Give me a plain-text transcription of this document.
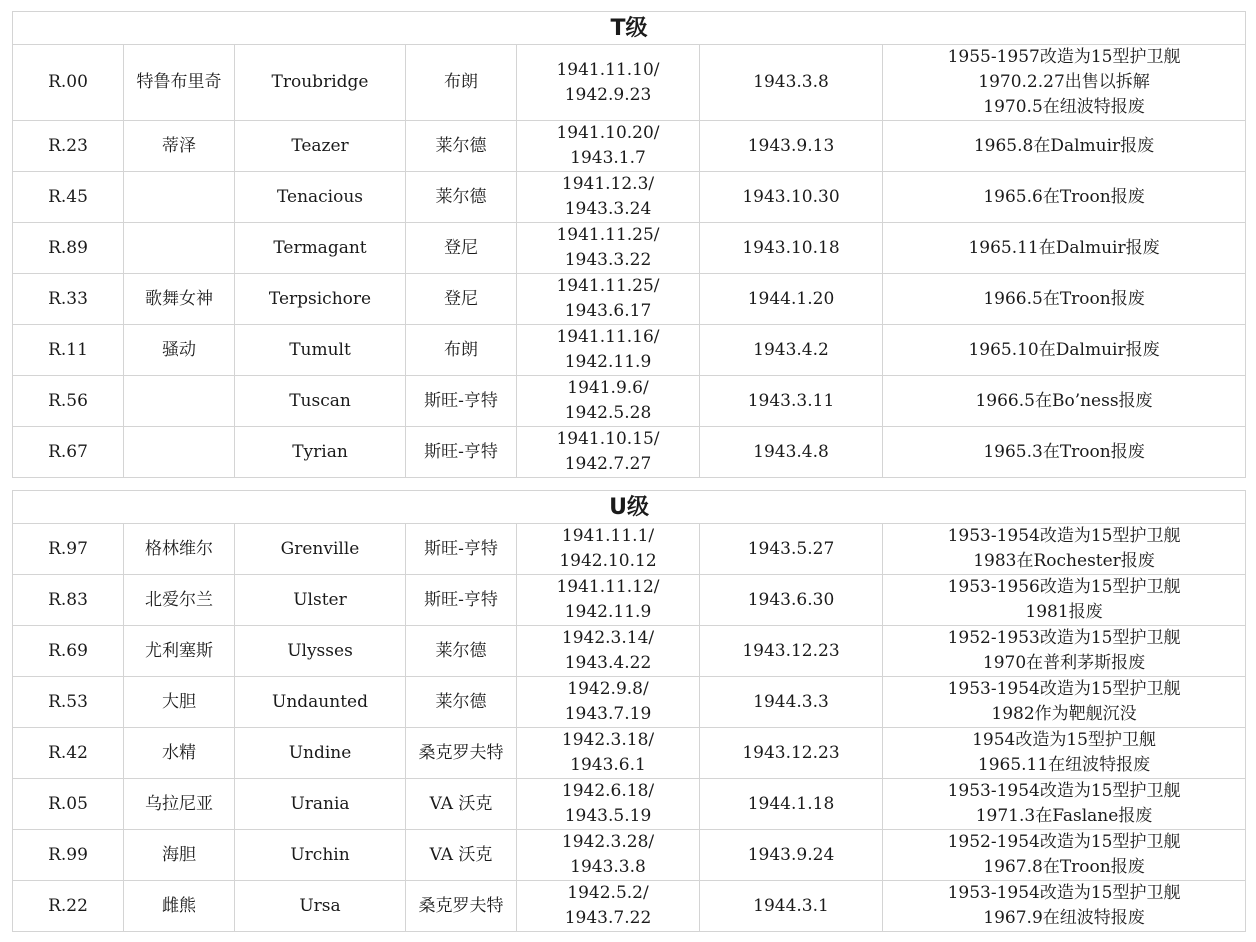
T级						
R.00	特鲁布里奇	Troubridge	布朗	1941.11.10/
1942.9.23	1943.3.8	1955-1957改造为15型护卫舰
1970.2.27出售以拆解
1970.5在纽波特报废

R.23	蒂泽	Teazer	莱尔德	1941.10.20/
1943.1.7	1943.9.13	1965.8在Dalmuir报废

R.45		Tenacious	莱尔德	1941.12.3/
1943.3.24	1943.10.30	1965.6在Troon报废

R.89		Termagant	登尼	1941.11.25/
1943.3.22	1943.10.18	1965.11在Dalmuir报废

R.33	歌舞女神	Terpsichore	登尼	1941.11.25/
1943.6.17	1944.1.20	1966.5在Troon报废

R.11	骚动	Tumult	布朗	1941.11.16/
1942.11.9	1943.4.2	1965.10在Dalmuir报废

R.56		Tuscan	斯旺-亨特	1941.9.6/
1942.5.28	1943.3.11	1966.5在Bo’ness报废

R.67		Tyrian	斯旺-亨特	1941.10.15/
1942.7.27	1943.4.8	1965.3在Troon报废

U级						
R.97	格林维尔	Grenville	斯旺-亨特	1941.11.1/
1942.10.12	1943.5.27	1953-1954改造为15型护卫舰
1983在Rochester报废

R.83	北爱尔兰	Ulster	斯旺-亨特	1941.11.12/
1942.11.9	1943.6.30	1953-1956改造为15型护卫舰
1981报废

R.69	尤利塞斯	Ulysses	莱尔德	1942.3.14/
1943.4.22	1943.12.23	1952-1953改造为15型护卫舰
1970在普利茅斯报废

R.53	大胆	Undaunted	莱尔德	1942.9.8/
1943.7.19	1944.3.3	1953-1954改造为15型护卫舰
1982作为靶舰沉没

R.42	水精	Undine	桑克罗夫特	1942.3.18/
1943.6.1	1943.12.23	1954改造为15型护卫舰
1965.11在纽波特报废

R.05	乌拉尼亚	Urania	VA 沃克	1942.6.18/
1943.5.19	1944.1.18	1953-1954改造为15型护卫舰
1971.3在Faslane报废

R.99	海胆	Urchin	VA 沃克	1942.3.28/
1943.3.8	1943.9.24	1952-1954改造为15型护卫舰
1967.8在Troon报废

R.22	雌熊	Ursa	桑克罗夫特	1942.5.2/
1943.7.22	1944.3.1	1953-1954改造为15型护卫舰
1967.9在纽波特报废
